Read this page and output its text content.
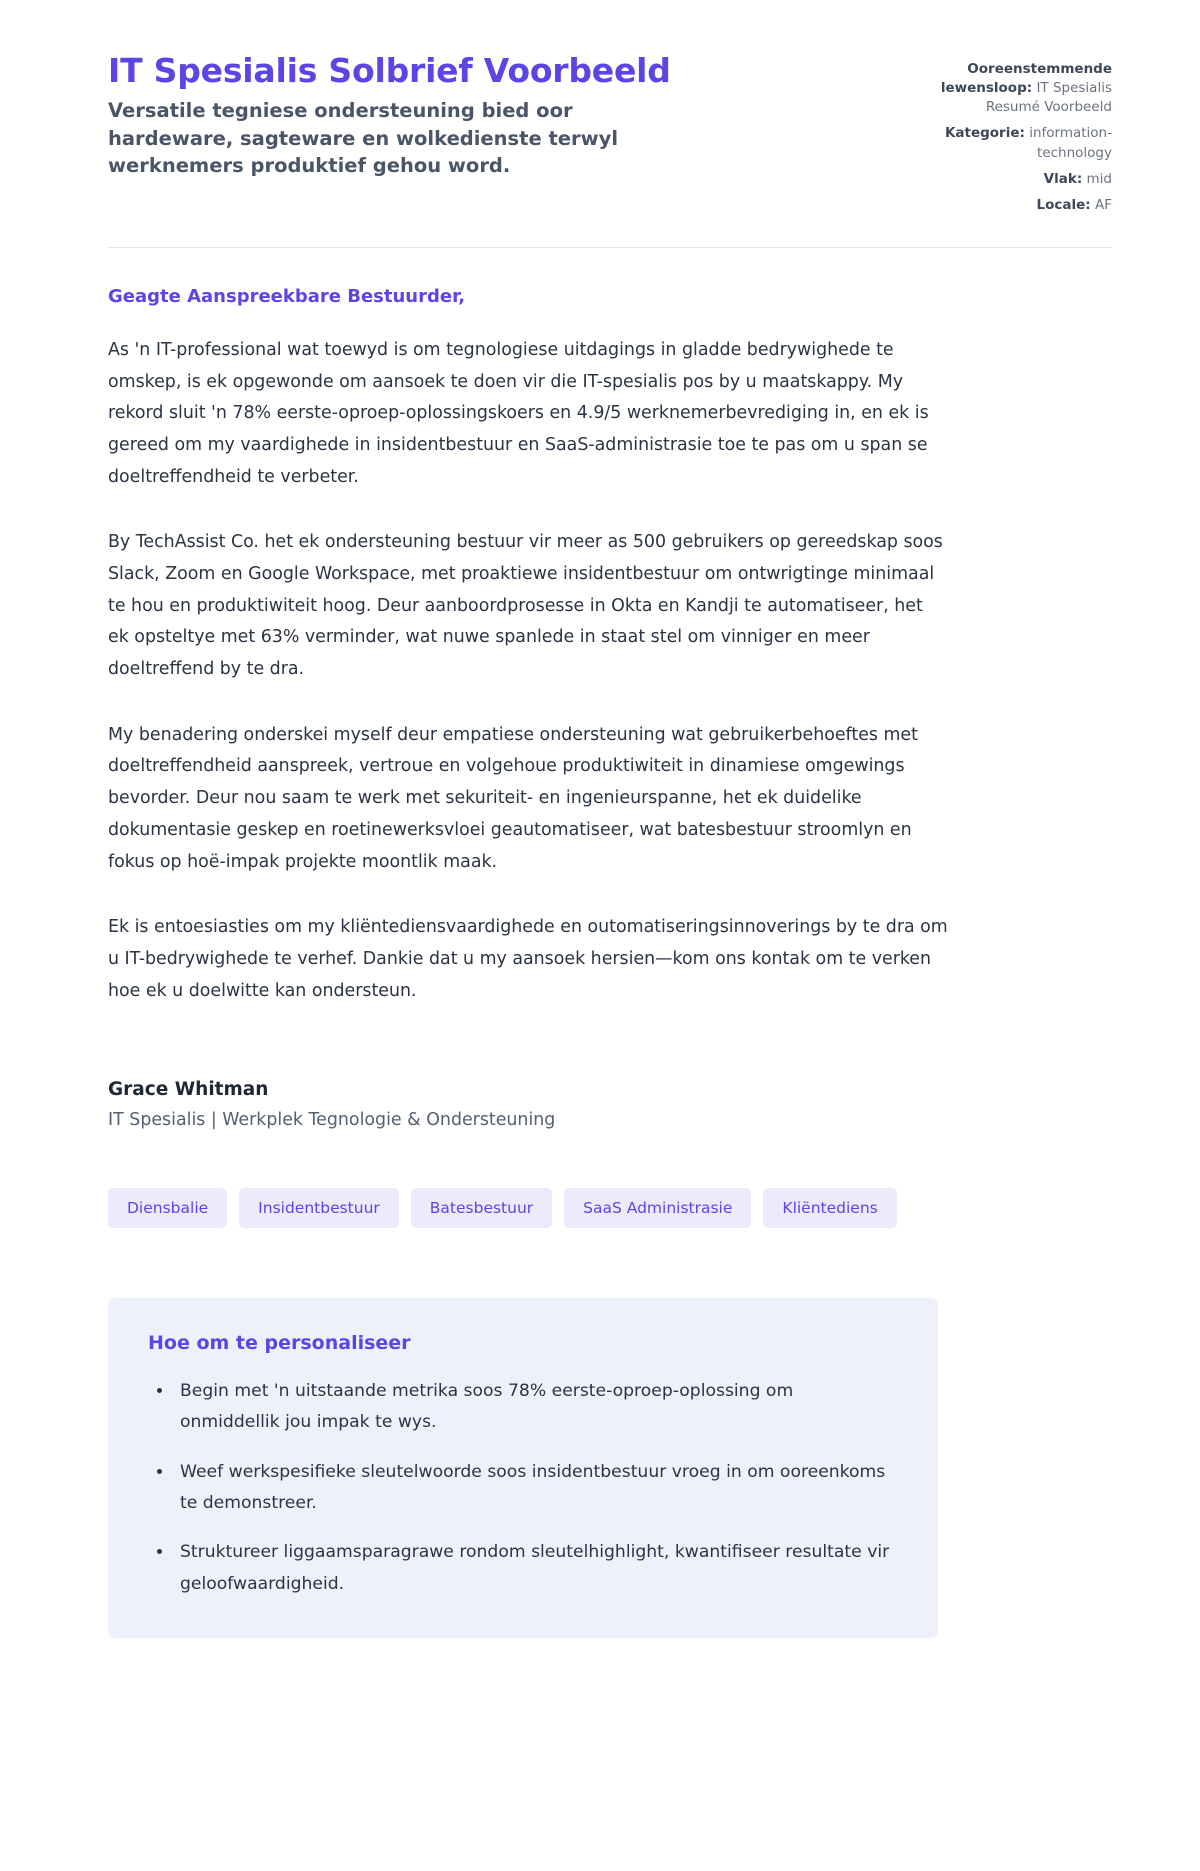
IT Spesialis Solbrief Voorbeeld

Versatile tegniese ondersteuning bied oor hardeware, sagteware en wolkedienste terwyl werknemers produktief gehou word.

Ooreenstemmende lewensloop: IT Spesialis Resumé Voorbeeld
Kategorie: information-technology
Vlak: mid
Locale: AF

Geagte Aanspreekbare Bestuurder,

As 'n IT-professional wat toewyd is om tegnologiese uitdagings in gladde bedrywighede te omskep, is ek opgewonde om aansoek te doen vir die IT-spesialis pos by u maatskappy. My rekord sluit 'n 78% eerste-oproep-oplossingskoers en 4.9/5 werknemerbevrediging in, en ek is gereed om my vaardighede in insidentbestuur en SaaS-administrasie toe te pas om u span se doeltreffendheid te verbeter.

By TechAssist Co. het ek ondersteuning bestuur vir meer as 500 gebruikers op gereedskap soos Slack, Zoom en Google Workspace, met proaktiewe insidentbestuur om ontwrigtinge minimaal te hou en produktiwiteit hoog. Deur aanboordprosesse in Okta en Kandji te automatiseer, het ek opsteltye met 63% verminder, wat nuwe spanlede in staat stel om vinniger en meer doeltreffend by te dra.

My benadering onderskei myself deur empatiese ondersteuning wat gebruikerbehoeftes met doeltreffendheid aanspreek, vertroue en volgehoue produktiwiteit in dinamiese omgewings bevorder. Deur nou saam te werk met sekuriteit- en ingenieurspanne, het ek duidelike dokumentasie geskep en roetinewerksvloei geautomatiseer, wat batesbestuur stroomlyn en fokus op hoë-impak projekte moontlik maak.

Ek is entoesiasties om my kliëntediensvaardighede en outomatiseringsinnoverings by te dra om u IT-bedrywighede te verhef. Dankie dat u my aansoek hersien—kom ons kontak om te verken hoe ek u doelwitte kan ondersteun.

Grace Whitman

IT Spesialis | Werkplek Tegnologie & Ondersteuning

Diensbalie	Insidentbestuur	Batesbestuur	SaaS Administrasie	Kliëntediens
Hoe om te personaliseer
• Begin met 'n uitstaande metrika soos 78% eerste-oproep-oplossing om onmiddellik jou impak te wys.
• Weef werkspesifieke sleutelwoorde soos insidentbestuur vroeg in om ooreenkoms te demonstreer.
• Struktureer liggaamsparagrawe rondom sleutelhighlight, kwantifiseer resultate vir geloofwaardigheid.
